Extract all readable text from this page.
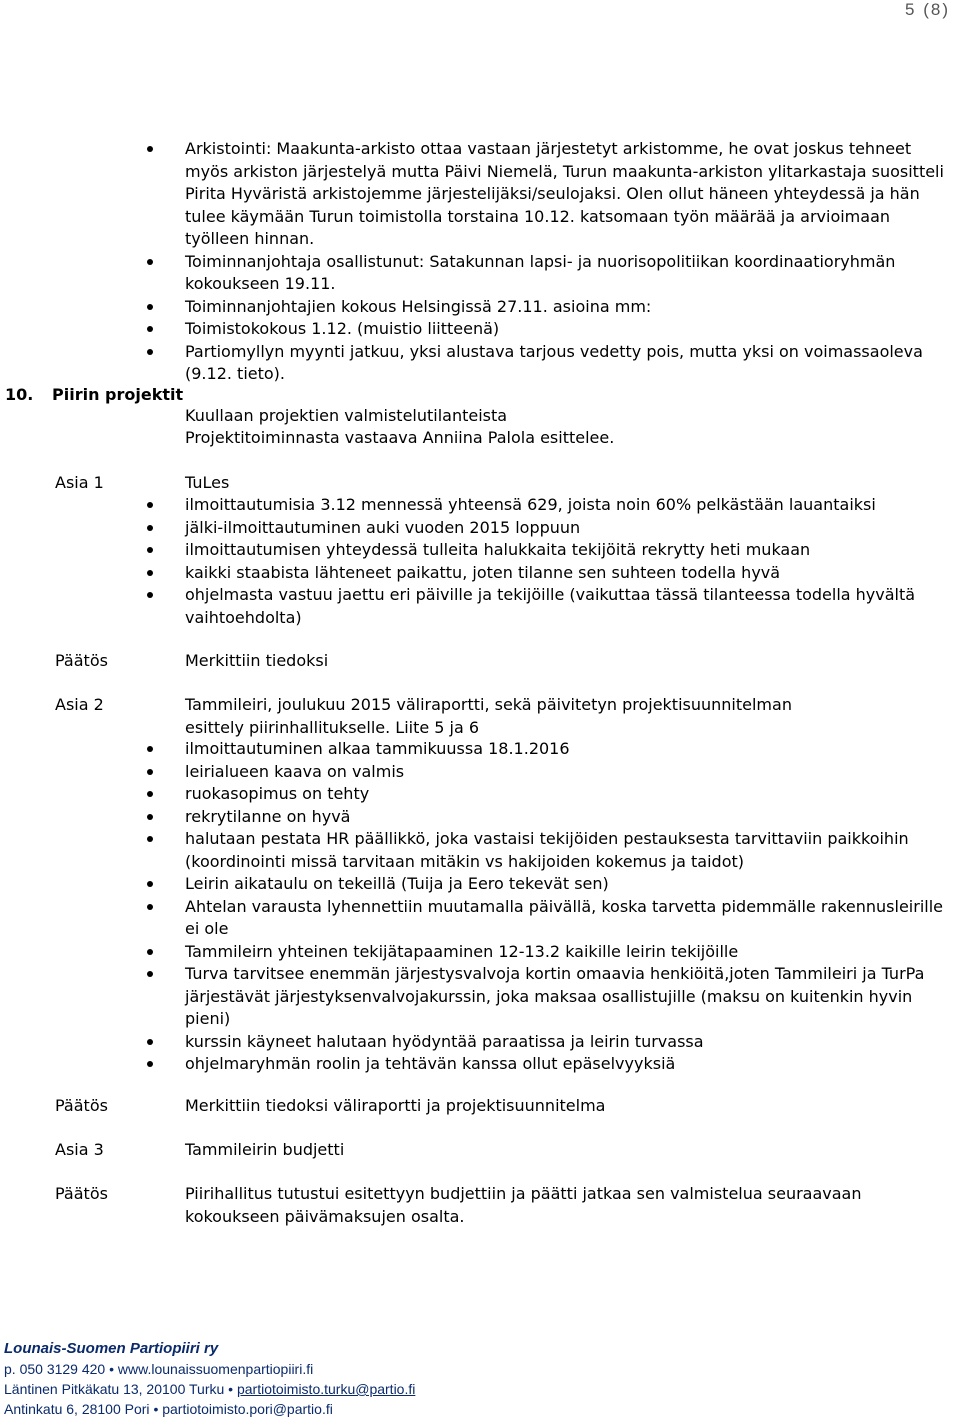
5 (8)
Arkistointi: Maakunta-arkisto ottaa vastaan järjestetyt arkistomme, he ovat joskus tehneet myös arkiston järjestelyä mutta Päivi Niemelä, Turun maakunta-arkiston ylitarkastaja suositteli Pirita Hyväristä arkistojemme järjestelijäksi/seulojaksi. Olen ollut häneen yhteydessä ja hän tulee käymään Turun toimistolla torstaina 10.12. katsomaan työn määrää ja arvioimaan työlleen hinnan.
Toiminnanjohtaja osallistunut: Satakunnan lapsi- ja nuorisopolitiikan koordinaatioryhmän kokoukseen 19.11.
Toiminnanjohtajien kokous Helsingissä 27.11. asioina mm:
Toimistokokous 1.12. (muistio liitteenä)
Partiomyllyn myynti jatkuu, yksi alustava tarjous vedetty pois, mutta yksi on voimassaoleva (9.12. tieto).
10. Piirin projektit
Kuullaan projektien valmistelutilanteista
Projektitoiminnasta vastaava Anniina Palola esittelee.
Asia 1	TuLes
ilmoittautumisia 3.12 mennessä yhteensä 629, joista noin 60% pelkästään lauantaiksi
jälki-ilmoittautuminen auki vuoden 2015 loppuun
ilmoittautumisen yhteydessä tulleita halukkaita tekijöitä rekrytty heti mukaan
kaikki staabista lähteneet paikattu, joten tilanne sen suhteen todella hyvä
ohjelmasta vastuu jaettu eri päiville ja tekijöille (vaikuttaa tässä tilanteessa todella hyvältä vaihtoehdolta)
Päätös	Merkittiin tiedoksi
Asia 2	Tammileiri, joulukuu 2015 väliraportti, sekä päivitetyn projektisuunnitelman esittely piirinhallitukselle. Liite 5 ja 6
ilmoittautuminen alkaa tammikuussa 18.1.2016
leirialueen kaava on valmis
ruokasopimus on tehty
rekrytilanne on hyvä
halutaan pestata HR päällikkö, joka vastaisi tekijöiden pestauksesta tarvittaviin paikkoihin (koordinointi missä tarvitaan mitäkin vs hakijoiden kokemus ja taidot)
Leirin aikataulu on tekeillä (Tuija ja Eero tekevät sen)
Ahtelan varausta lyhennettiin muutamalla päivällä, koska tarvetta pidemmälle rakennusleirille ei ole
Tammileirn yhteinen tekijätapaaminen 12-13.2 kaikille leirin tekijöille
Turva tarvitsee enemmän järjestysvalvoja kortin omaavia henkiöitä,joten Tammileiri ja TurPa järjestävät järjestyksenvalvojakurssin, joka maksaa osallistujille (maksu on kuitenkin hyvin pieni)
kurssin käyneet halutaan hyödyntää paraatissa ja leirin turvassa
ohjelmaryhmän roolin ja tehtävän kanssa ollut epäselvyyksiä
Päätös	Merkittiin tiedoksi väliraportti ja projektisuunnitelma
Asia 3	Tammileirin budjetti
Päätös	Piirihallitus tutustui esitettyyn budjettiin ja päätti jatkaa sen valmistelua seuraavaan kokoukseen päivämaksujen osalta.
Lounais-Suomen Partiopiiri ry
p. 050 3129 420 • www.lounaissuomenpartiopiiri.fi
Läntinen Pitkäkatu 13, 20100 Turku • partiotoimisto.turku@partio.fi
Antinkatu 6, 28100 Pori • partiotoimisto.pori@partio.fi
